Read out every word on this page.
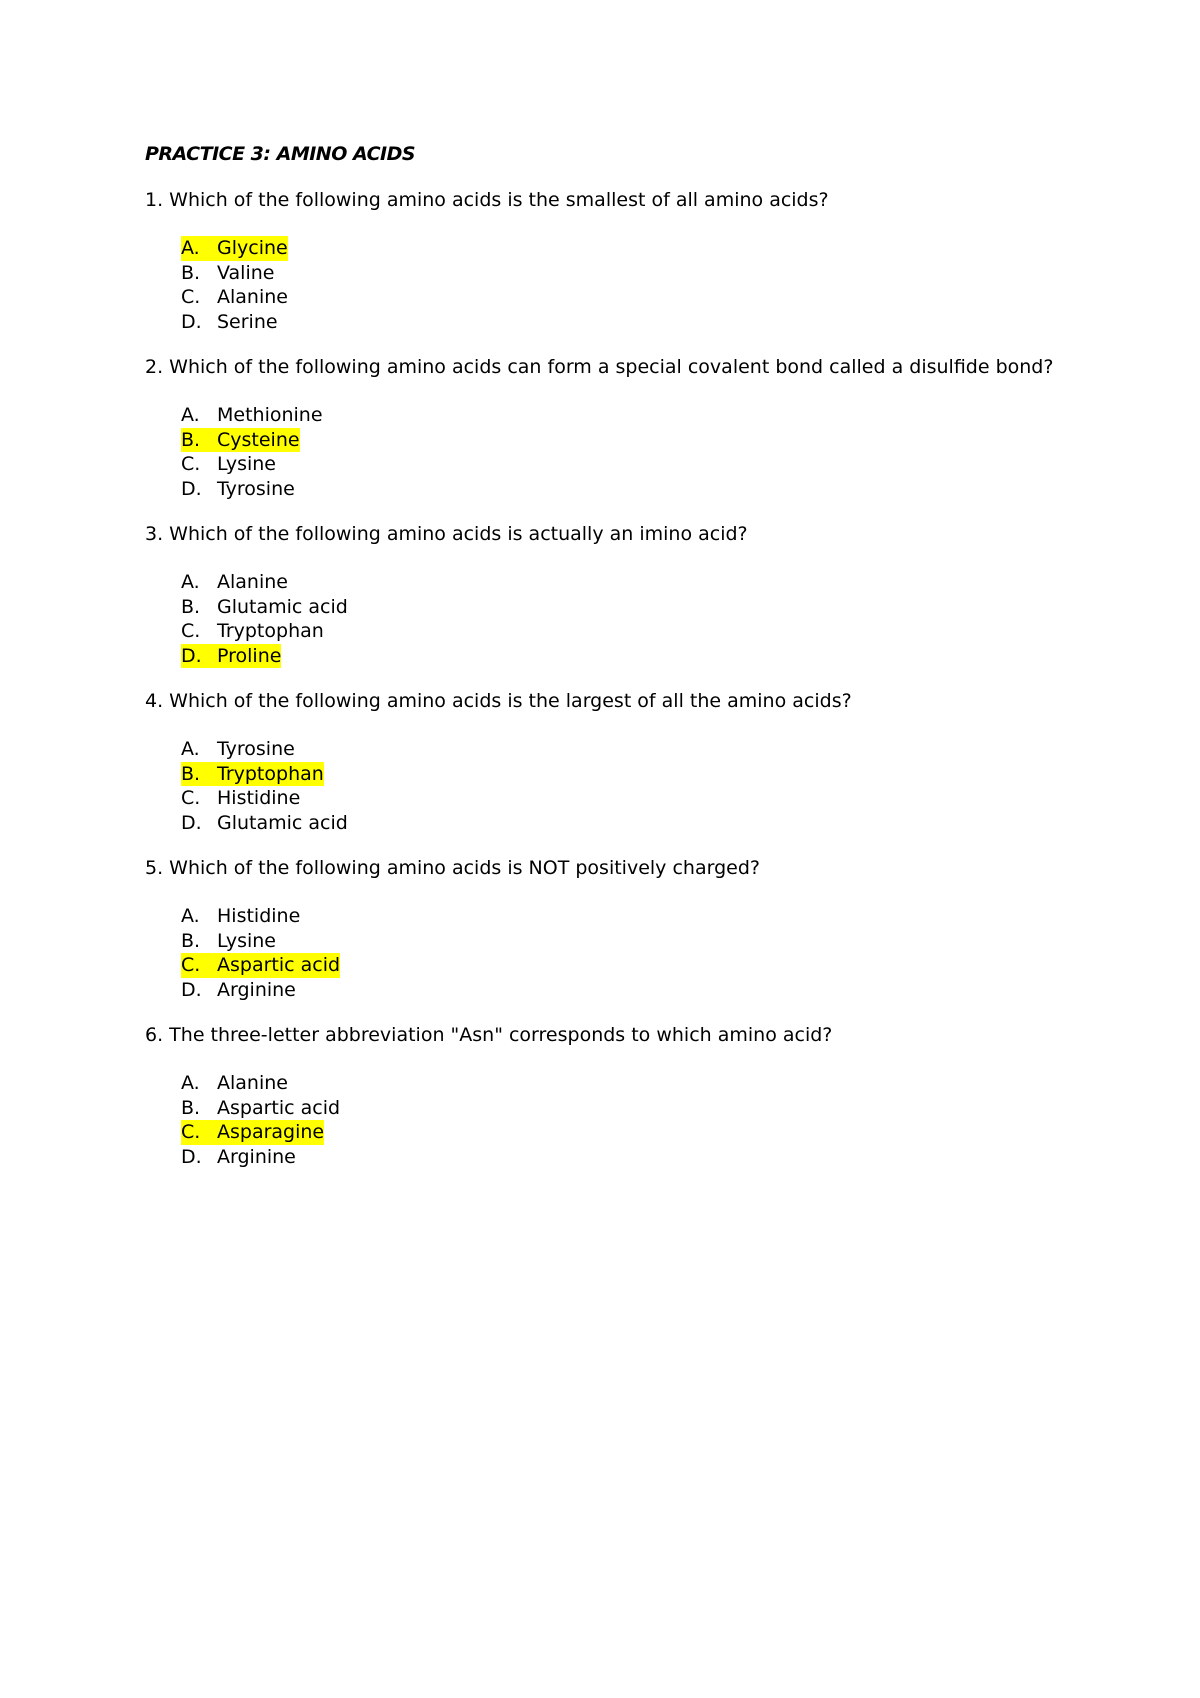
PRACTICE 3: AMINO ACIDS
1. Which of the following amino acids is the smallest of all amino acids?
A. Glycine
B. Valine
C. Alanine
D. Serine
2. Which of the following amino acids can form a special covalent bond called a disulfide bond?
A. Methionine
B. Cysteine
C. Lysine
D. Tyrosine
3. Which of the following amino acids is actually an imino acid?
A. Alanine
B. Glutamic acid
C. Tryptophan
D. Proline
4. Which of the following amino acids is the largest of all the amino acids?
A. Tyrosine
B. Tryptophan
C. Histidine
D. Glutamic acid
5. Which of the following amino acids is NOT positively charged?
A. Histidine
B. Lysine
C. Aspartic acid
D. Arginine
6. The three-letter abbreviation "Asn" corresponds to which amino acid?
A. Alanine
B. Aspartic acid
C. Asparagine
D. Arginine
